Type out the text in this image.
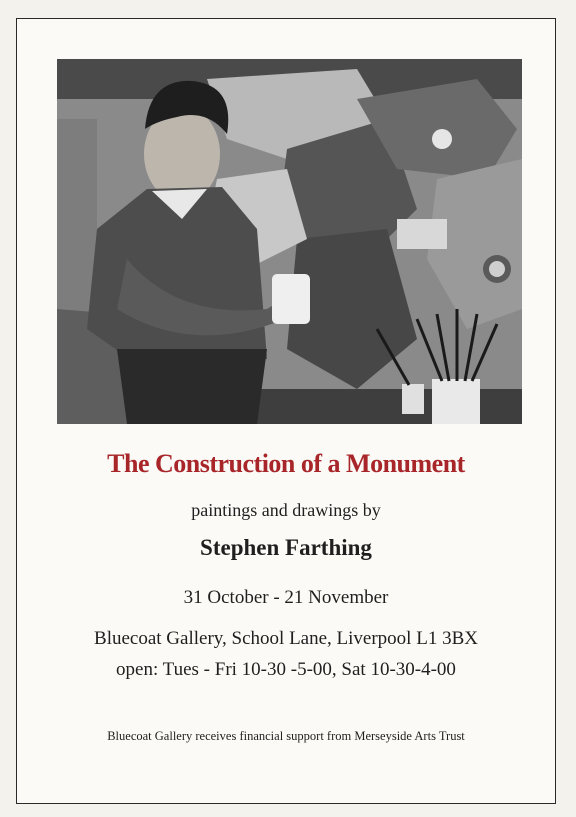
The Construction of a Monument
paintings and drawings by
Stephen Farthing
31 October - 21 November
Bluecoat Gallery, School Lane, Liverpool L1 3BX
open: Tues - Fri 10-30 -5-00, Sat 10-30-4-00
Bluecoat Gallery receives financial support from Merseyside Arts Trust
